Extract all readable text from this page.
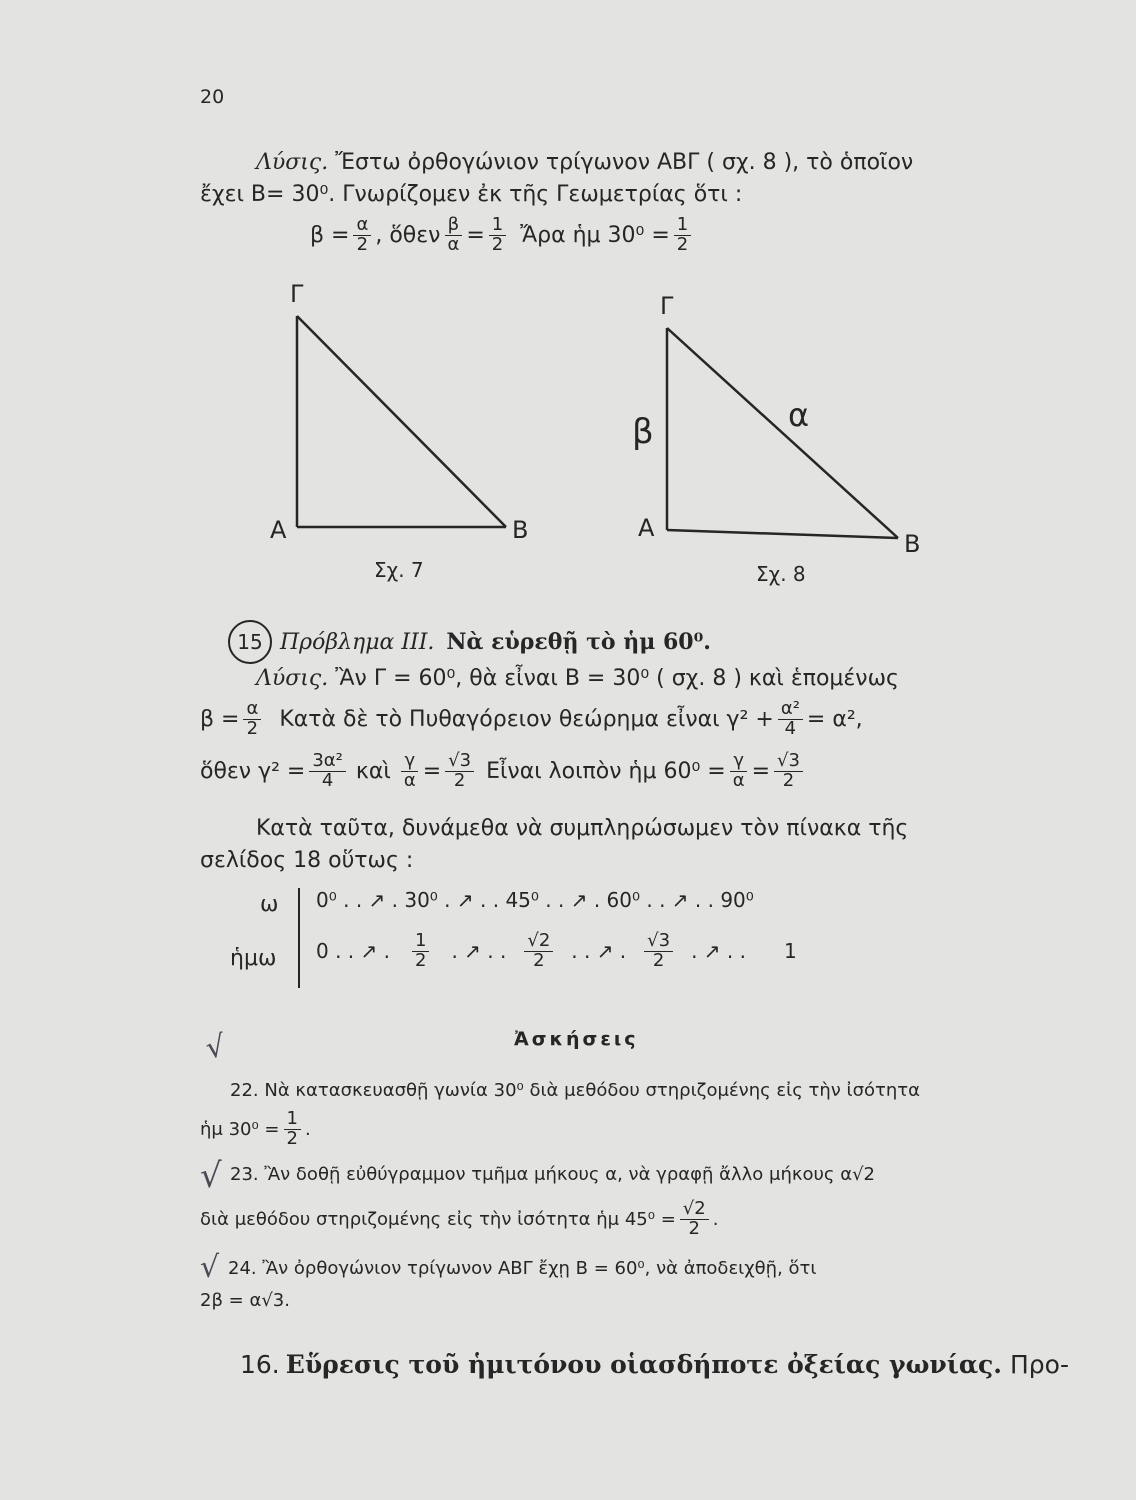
20
Λύσις. Ἔστω ὀρθογώνιον τρίγωνον ΑΒΓ ( σχ. 8 ), τὸ ὁποῖον
ἔχει Β= 30⁰. Γνωρίζομεν ἐκ τῆς Γεωμετρίας ὅτι :
$\beta = \frac{\alpha}{2}$ , ὅθεν $\frac{\beta}{\alpha} = \frac{1}{2}$ Ἄρα ἡμ $30^0 = \frac{1}{2}$
Γ
Α	Β
Σχ. 7
Γ
Α
Β
β	α
Σχ. 8
15 Πρόβλημα ΙΙΙ. Νὰ εὑρεθῇ τὸ ἡμ 60⁰.
Λύσις. Ἂν Γ = 60⁰, θὰ εἶναι Β = 30⁰ ( σχ. 8 ) καὶ ἑπομένως
$\beta = \frac{\alpha}{2}$ Κατὰ δὲ τὸ Πυθαγόρειον θεώρημα εἶναι $\gamma^2 + \frac{\text{α²}}{4} = \alpha^2$,
ὅθεν $\gamma^2 = \frac{\text{3α²}}{4}$ καὶ $\frac{\gamma}{\alpha} = \frac{√3}{2}$ Εἶναι λοιπὸν ἡμ $60^0 = \frac{\gamma}{\alpha} = \frac{√3}{2}$
Κατὰ ταῦτα, δυνάμεθα νὰ συμπληρώσωμεν τὸν πίνακα τῆς
σελίδος 18 οὕτως :
ω 0⁰ . . ↗ . 30⁰ . ↗ . . 45⁰ . . ↗ . 60⁰ . . ↗ . . 90⁰
ἡμω 0 . . ↗ . $\frac{1}{2}$ . ↗ . . $\frac{√2}{2}$ . . ↗ . $\frac{√3}{2}$ . ↗ . . 1
Ἀσκήσεις
√
22. Νὰ κατασκευασθῇ γωνία 30⁰ διὰ μεθόδου στηριζομένης εἰς τὴν ἰσότητα
ἡμ $30^0 = \frac{1}{2}$ .
√ 23. Ἂν δοθῇ εὐθύγραμμον τμῆμα μήκους α, νὰ γραφῇ ἄλλο μήκους α√2
διὰ μεθόδου στηριζομένης εἰς τὴν ἰσότητα ἡμ $45^0 = \frac{√2}{2}$ .
√ 24. Ἂν ὀρθογώνιον τρίγωνον ΑΒΓ ἔχῃ Β = 60⁰, νὰ ἀποδειχθῇ, ὅτι
2β = α√3.
16. Εὕρεσις τοῦ ἡμιτόνου οἱασδήποτε ὀξείας γωνίας. Προ-
